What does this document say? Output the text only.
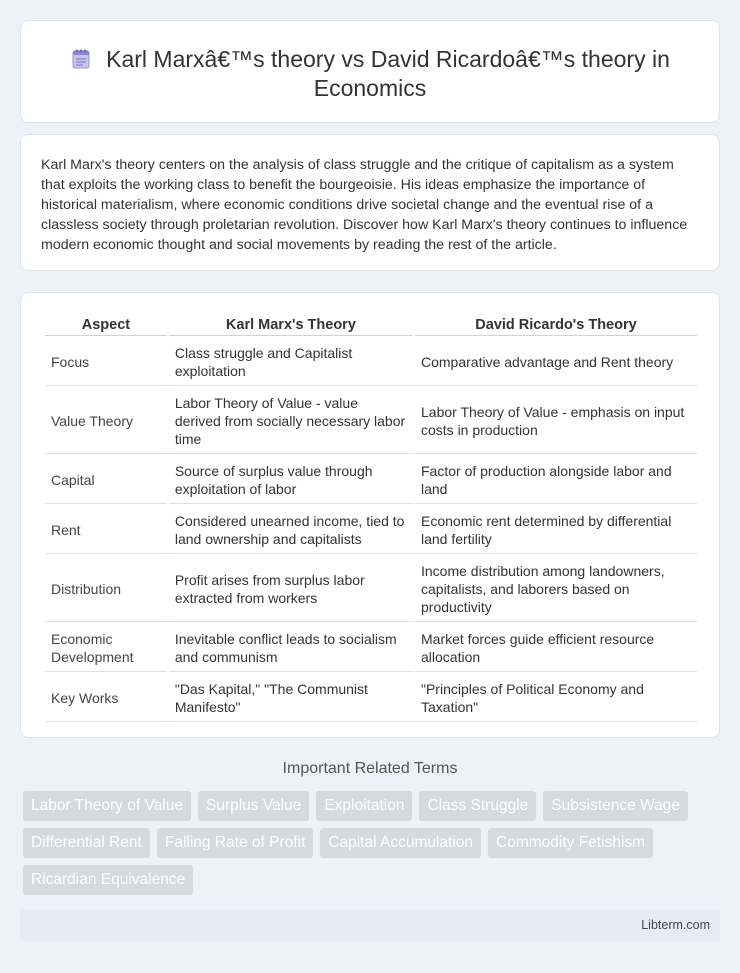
Karl Marxâ€™s theory vs David Ricardoâ€™s theory in Economics

Karl Marx's theory centers on the analysis of class struggle and the critique of capitalism as a system that exploits the working class to benefit the bourgeoisie. His ideas emphasize the importance of historical materialism, where economic conditions drive societal change and the eventual rise of a classless society through proletarian revolution. Discover how Karl Marx's theory continues to influence modern economic thought and social movements by reading the rest of the article.

Aspect	Karl Marx's Theory	David Ricardo's Theory
Focus	Class struggle and Capitalist exploitation	Comparative advantage and Rent theory
Value Theory	Labor Theory of Value - value derived from socially necessary labor time	Labor Theory of Value - emphasis on input costs in production
Capital	Source of surplus value through exploitation of labor	Factor of production alongside labor and land
Rent	Considered unearned income, tied to land ownership and capitalists	Economic rent determined by differential land fertility
Distribution	Profit arises from surplus labor extracted from workers	Income distribution among landowners, capitalists, and laborers based on productivity
Economic Development	Inevitable conflict leads to socialism and communism	Market forces guide efficient resource allocation
Key Works	"Das Kapital," "The Communist Manifesto"	"Principles of Political Economy and Taxation"
Important Related Terms
Labor Theory of Value	Surplus Value	Exploitation	Class Struggle	Subsistence Wage
Differential Rent	Falling Rate of Profit	Capital Accumulation	Commodity Fetishism
Ricardian Equivalence
Libterm.com
